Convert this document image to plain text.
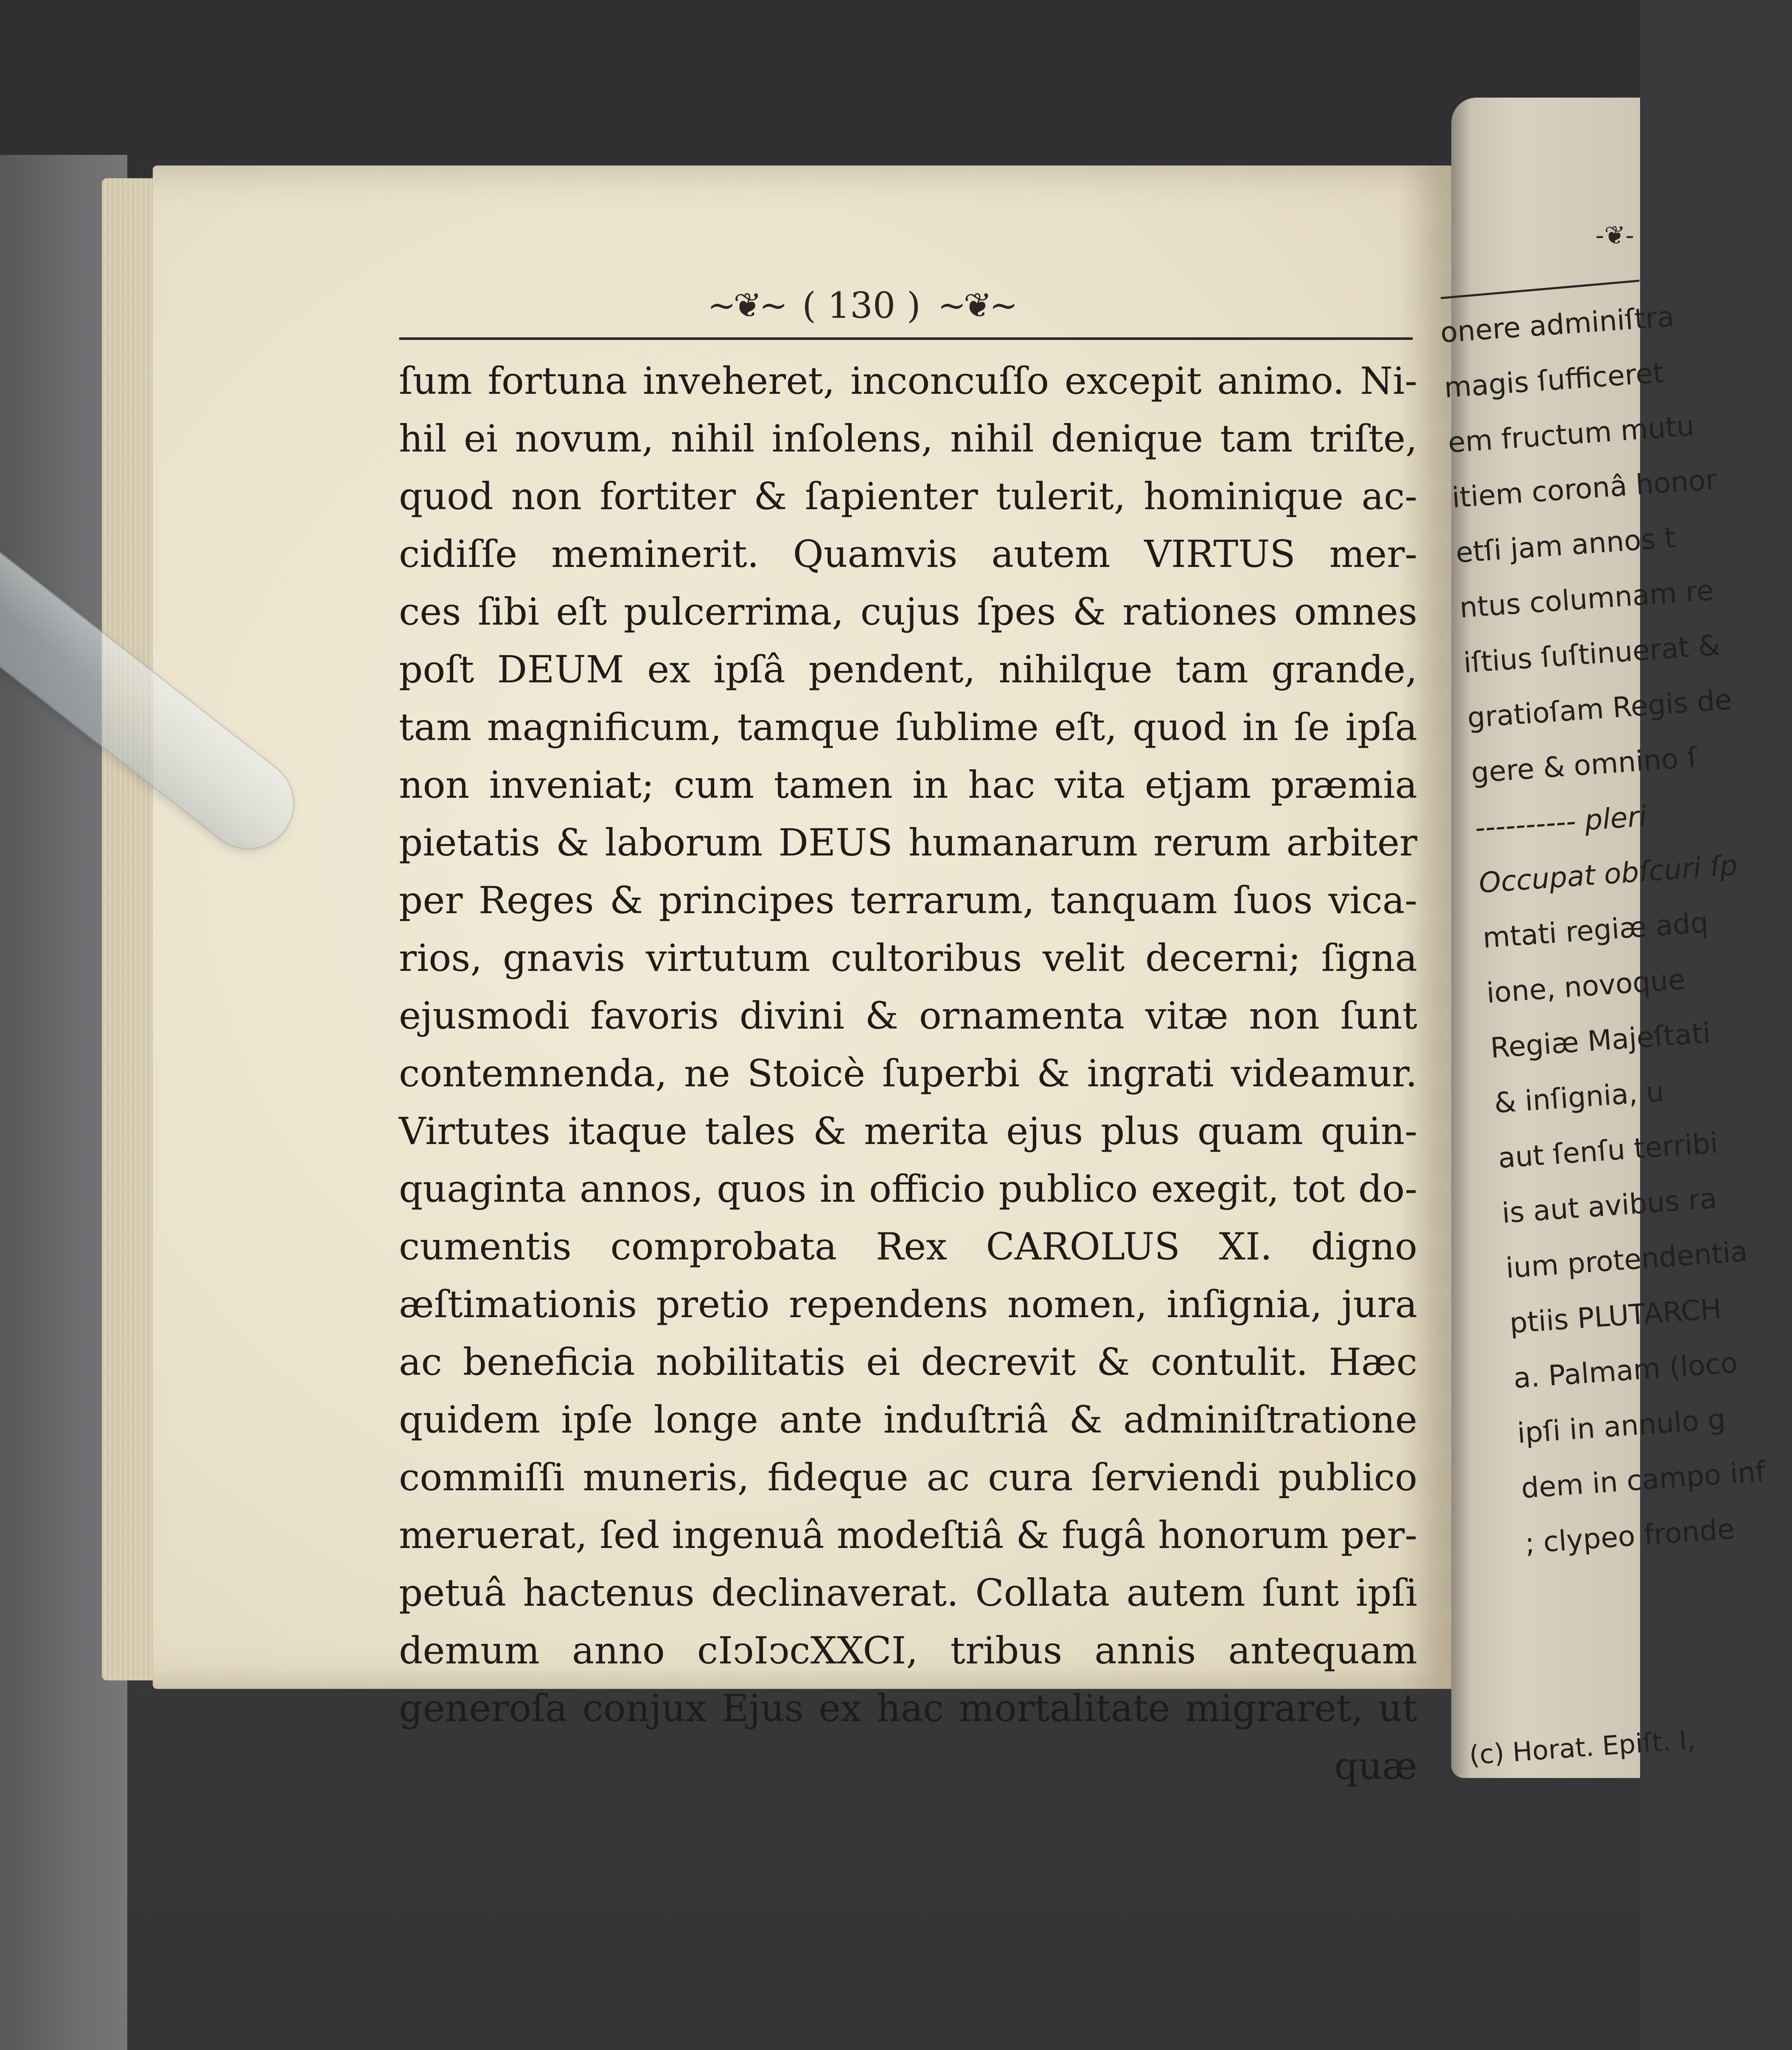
~❦~ ( 130 ) ~❦~
ſum fortuna inveheret, inconcuſſo excepit animo. Ni-
hil ei novum, nihil inſolens, nihil denique tam triſte,
quod non fortiter & ſapienter tulerit, hominique ac-
cidiſſe meminerit. Quamvis autem VIRTUS mer-
ces ſibi eſt pulcerrima, cujus ſpes & rationes omnes
poſt DEUM ex ipſâ pendent, nihilque tam grande,
tam magnificum, tamque ſublime eſt, quod in ſe ipſa
non inveniat; cum tamen in hac vita etjam præmia
pietatis & laborum DEUS humanarum rerum arbiter
per Reges & principes terrarum, tanquam ſuos vica-
rios, gnavis virtutum cultoribus velit decerni; ſigna
ejusmodi favoris divini & ornamenta vitæ non ſunt
contemnenda, ne Stoicè ſuperbi & ingrati videamur.
Virtutes itaque tales & merita ejus plus quam quin-
quaginta annos, quos in officio publico exegit, tot do-
cumentis comprobata Rex CAROLUS XI. digno
æſtimationis pretio rependens nomen, inſignia, jura
ac beneficia nobilitatis ei decrevit & contulit. Hæc
quidem ipſe longe ante induſtriâ & adminiſtratione
commiſſi muneris, fideque ac cura ſerviendi publico
meruerat, ſed ingenuâ modeſtiâ & fugâ honorum per-
petuâ hactenus declinaverat. Collata autem ſunt ipſi
demum anno cIↄIↄcXXCI, tribus annis antequam
generoſa conjux Ejus ex hac mortalitate migraret, ut
quæ
-❦-
onere adminiſtra
magis ſufficeret
em fructum mutu
itiem coronâ honor
etſi jam annos t
ntus columnam re
iſtius ſuſtinuerat &
gratioſam Regis de
gere & omnino ſ
---------- pleri
Occupat obſcuri ſp
mtati regiæ adq
ione, novoque
Regiæ Majeſtati
& inſignia, u
aut ſenſu terribi
is aut avibus ra
ium protendentia
ptiis PLUTARCH
a. Palmam (loco
ipſi in annulo g
dem in campo inf
; clypeo fronde
(c) Horat. Epiſt. I,
